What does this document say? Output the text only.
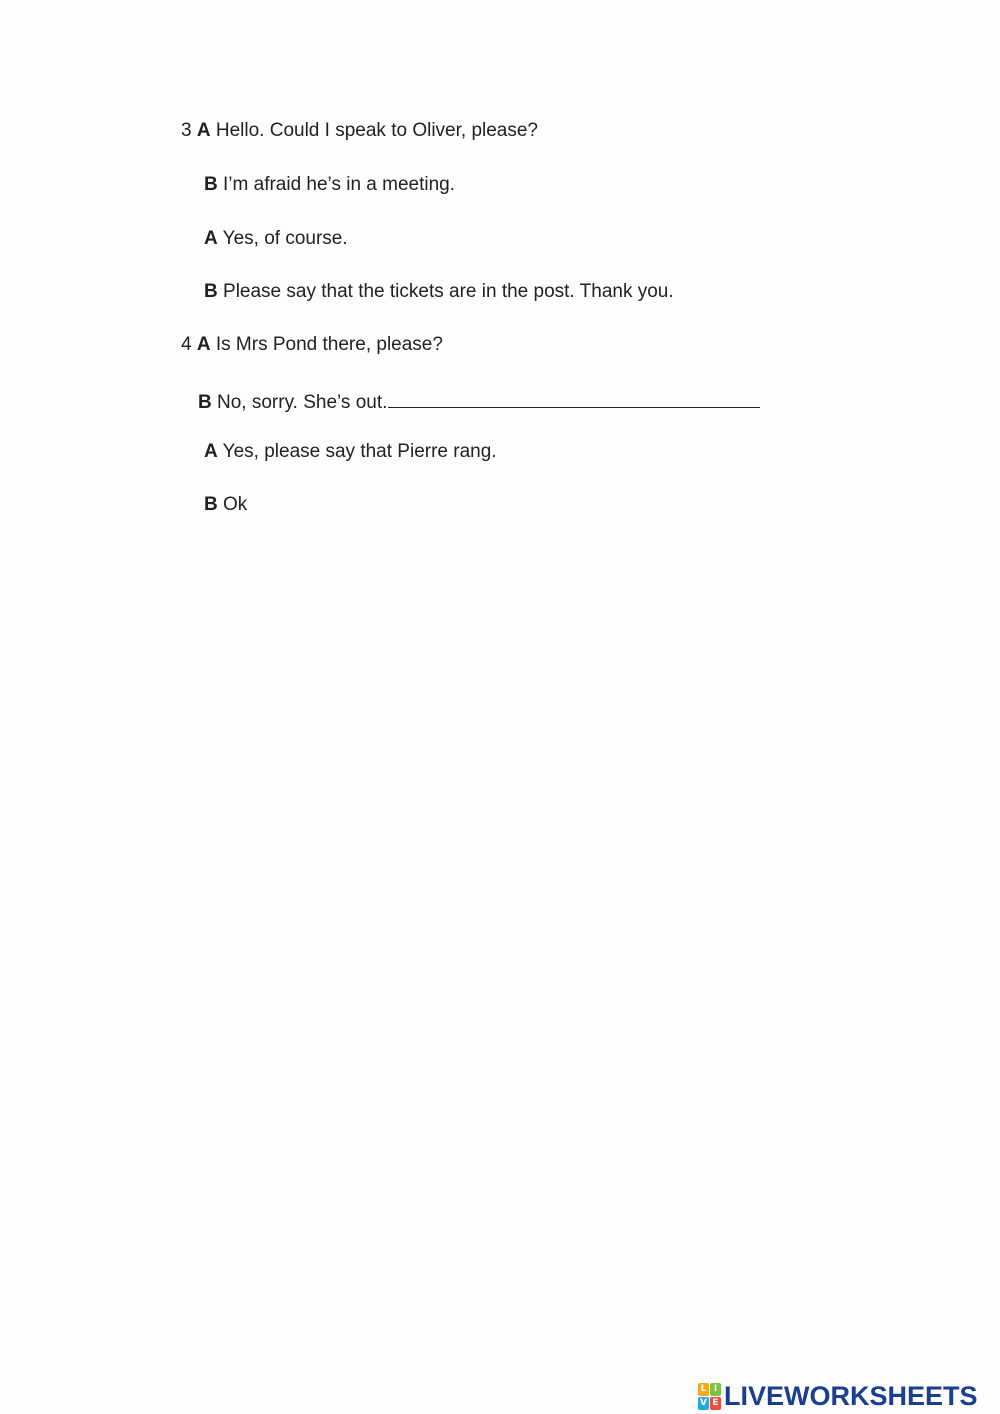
3 A Hello. Could I speak to Oliver, please?
B I’m afraid he’s in a meeting.
A Yes, of course.
B Please say that the tickets are in the post. Thank you.
4 A Is Mrs Pond there, please?
B No, sorry. She’s out.
A Yes, please say that Pierre rang.
B Ok
L I
V E LIVEWORKSHEETS
